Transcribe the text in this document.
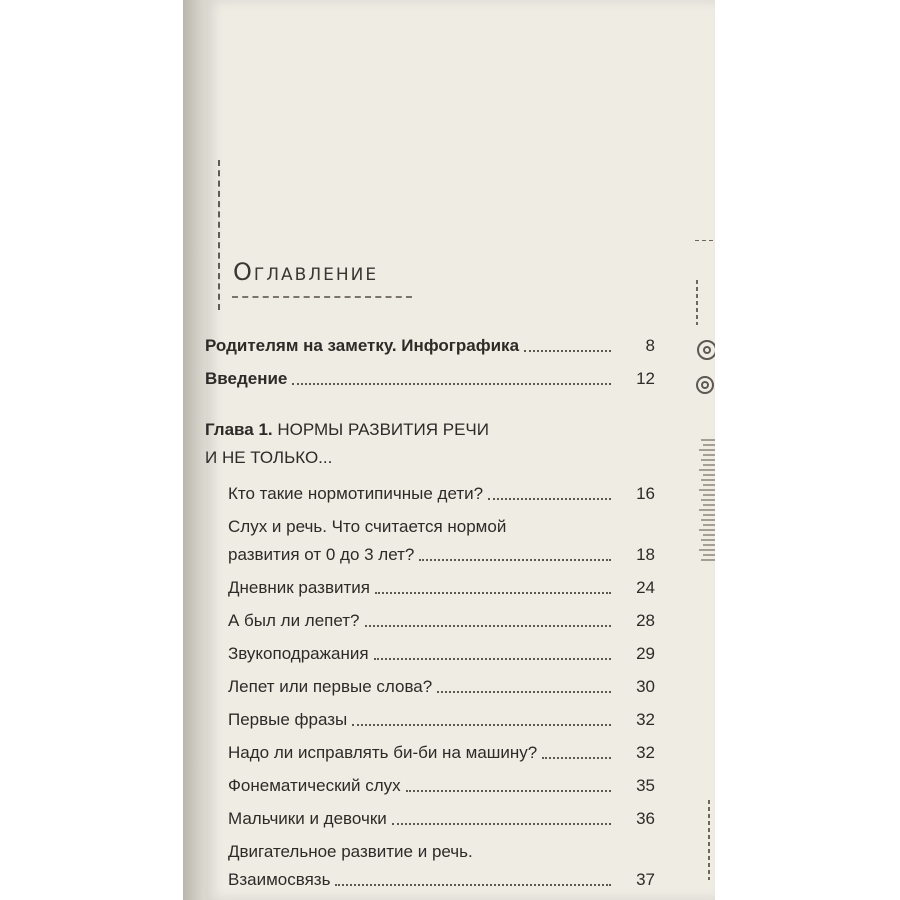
Оглавление
Родителям на заметку. Инфографика	8
Введение	12
Глава 1. НОРМЫ РАЗВИТИЯ РЕЧИ
И НЕ ТОЛЬКО...
Кто такие нормотипичные дети?	16
Слух и речь. Что считается нормой
развития от 0 до 3 лет?	18
Дневник развития	24
А был ли лепет?	28
Звукоподражания	29
Лепет или первые слова?	30
Первые фразы	32
Надо ли исправлять би-би на машину?	32
Фонематический слух	35
Мальчики и девочки	36
Двигательное развитие и речь.
Взаимосвязь	37
